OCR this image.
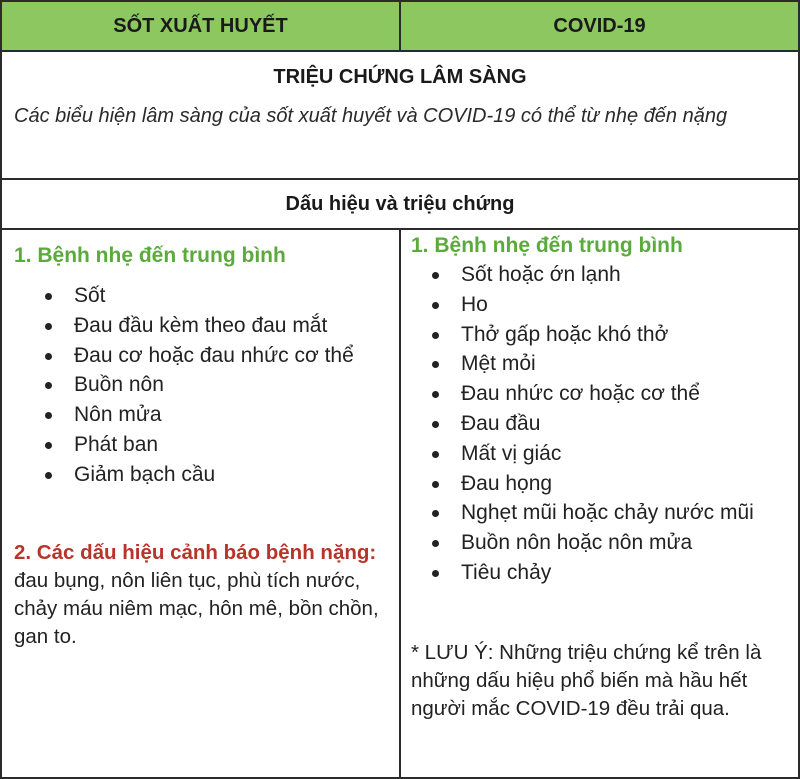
SỐT XUẤT HUYẾT	COVID-19
TRIỆU CHỨNG LÂM SÀNG
Các biểu hiện lâm sàng của sốt xuất huyết và COVID-19 có thể từ nhẹ đến nặng
Dấu hiệu và triệu chứng
1. Bệnh nhẹ đến trung bình
Sốt
Đau đầu kèm theo đau mắt
Đau cơ hoặc đau nhức cơ thể
Buồn nôn
Nôn mửa
Phát ban
Giảm bạch cầu
2. Các dấu hiệu cảnh báo bệnh nặng: đau bụng, nôn liên tục, phù tích nước, chảy máu niêm mạc, hôn mê, bồn chồn, gan to.
1. Bệnh nhẹ đến trung bình
Sốt hoặc ớn lạnh
Ho
Thở gấp hoặc khó thở
Mệt mỏi
Đau nhức cơ hoặc cơ thể
Đau đầu
Mất vị giác
Đau họng
Nghẹt mũi hoặc chảy nước mũi
Buồn nôn hoặc nôn mửa
Tiêu chảy
* LƯU Ý: Những triệu chứng kể trên là những dấu hiệu phổ biến mà hầu hết người mắc COVID-19 đều trải qua.
